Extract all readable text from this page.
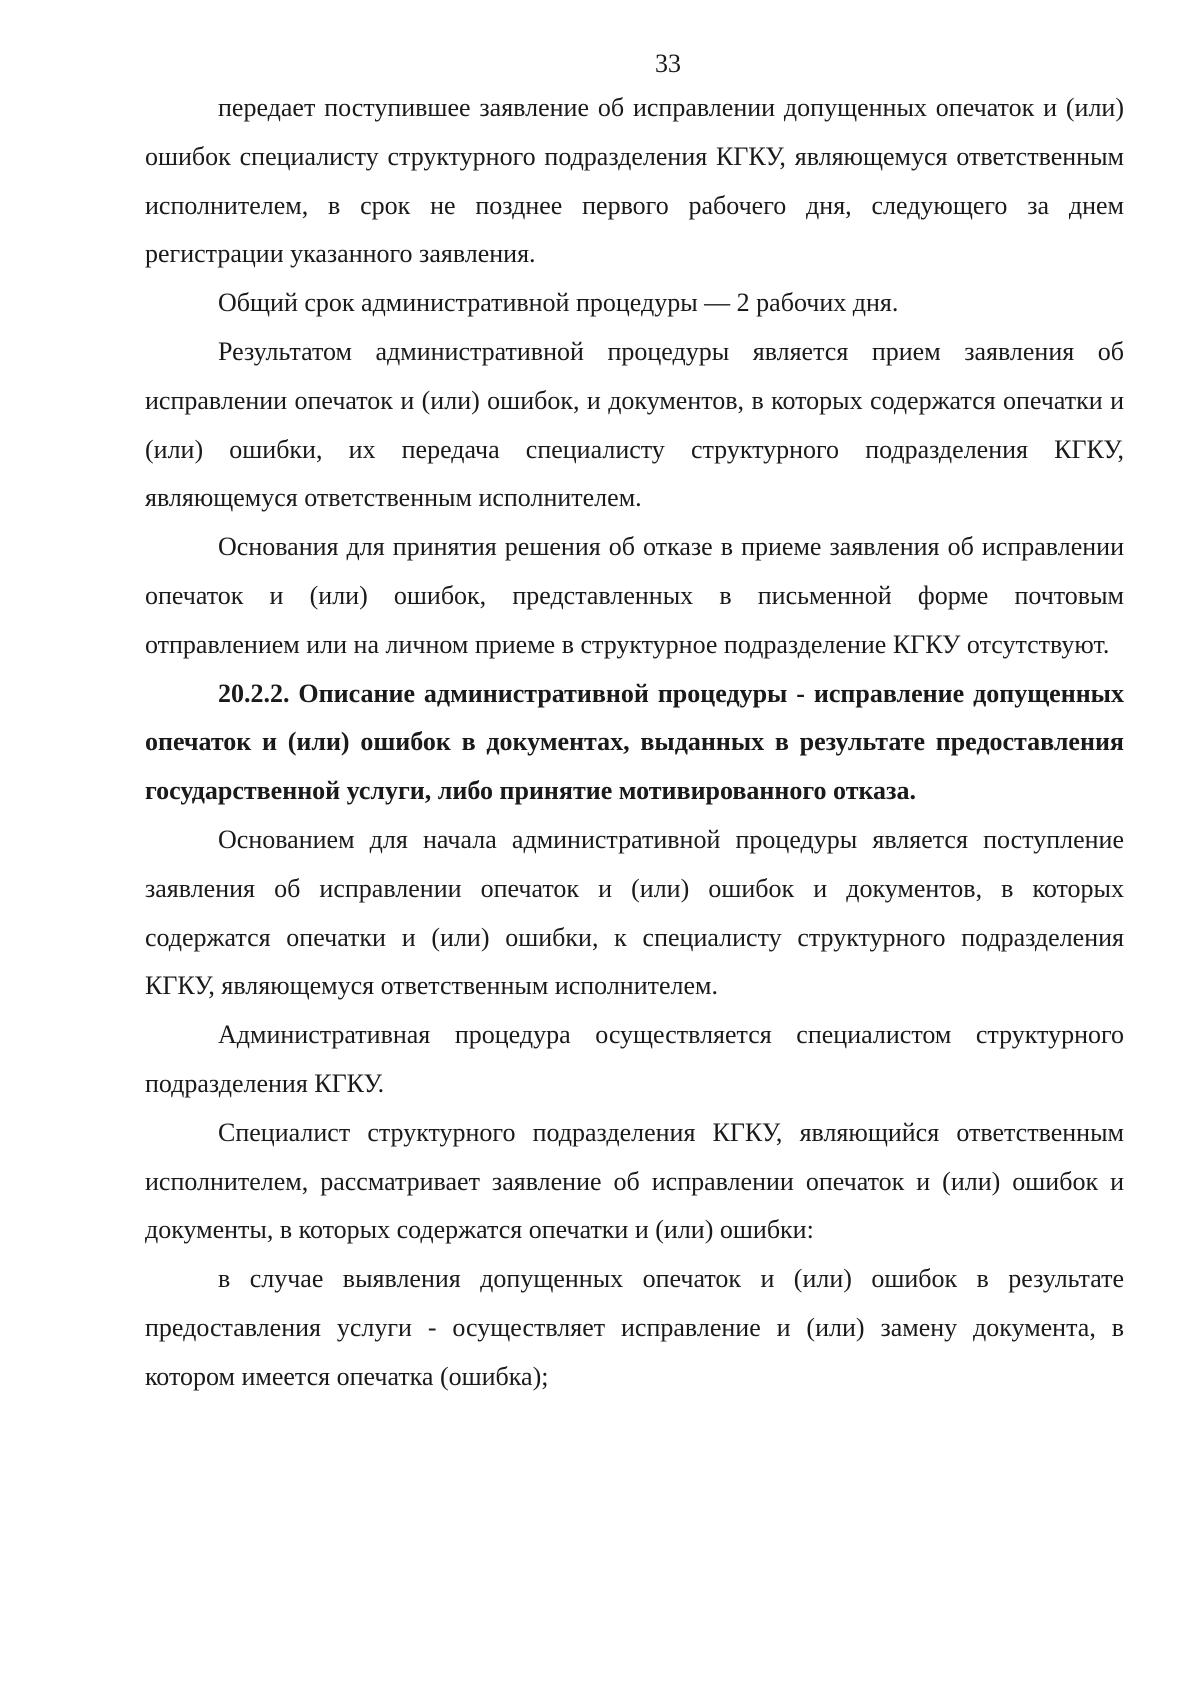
33

передает поступившее заявление об исправлении допущенных опечаток и (или) ошибок специалисту структурного подразделения КГКУ, являющемуся ответственным исполнителем, в срок не позднее первого рабочего дня, следующего за днем регистрации указанного заявления.

Общий срок административной процедуры — 2 рабочих дня.

Результатом административной процедуры является прием заявления об исправлении опечаток и (или) ошибок, и документов, в которых содержатся опечатки и (или) ошибки, их передача специалисту структурного подразделения КГКУ, являющемуся ответственным исполнителем.

Основания для принятия решения об отказе в приеме заявления об исправлении опечаток и (или) ошибок, представленных в письменной форме почтовым отправлением или на личном приеме в структурное подразделение КГКУ отсутствуют.

20.2.2. Описание административной процедуры - исправление допущенных опечаток и (или) ошибок в документах, выданных в результате предоставления государственной услуги, либо принятие мотивированного отказа.

Основанием для начала административной процедуры является поступление заявления об исправлении опечаток и (или) ошибок и документов, в которых содержатся опечатки и (или) ошибки, к специалисту структурного подразделения КГКУ, являющемуся ответственным исполнителем.

Административная процедура осуществляется специалистом структурного подразделения КГКУ.

Специалист структурного подразделения КГКУ, являющийся ответственным исполнителем, рассматривает заявление об исправлении опечаток и (или) ошибок и документы, в которых содержатся опечатки и (или) ошибки:

в случае выявления допущенных опечаток и (или) ошибок в результате предоставления услуги - осуществляет исправление и (или) замену документа, в котором имеется опечатка (ошибка);
